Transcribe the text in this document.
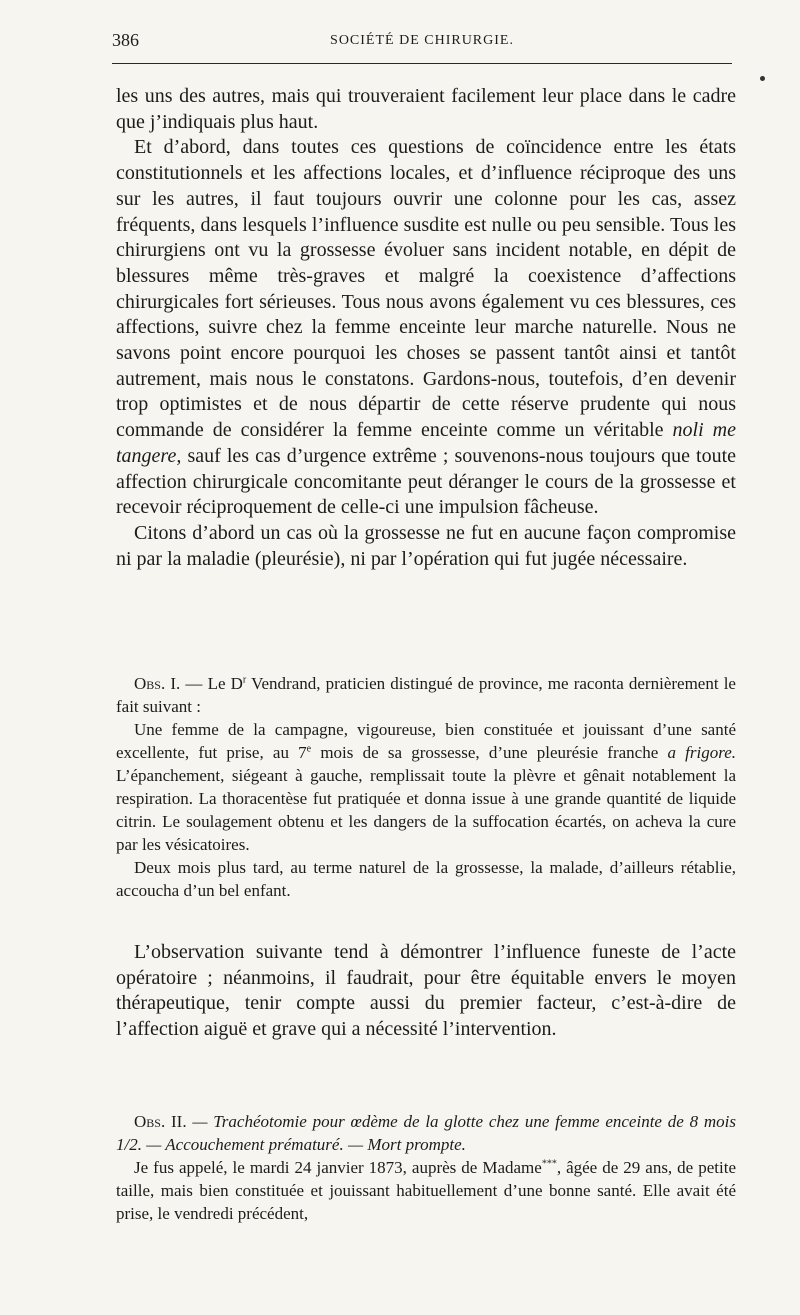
386	SOCIÉTÉ DE CHIRURGIE.

les uns des autres, mais qui trouveraient facilement leur place dans le cadre que j’indiquais plus haut.

Et d’abord, dans toutes ces questions de coïncidence entre les états constitutionnels et les affections locales, et d’influence réciproque des uns sur les autres, il faut toujours ouvrir une colonne pour les cas, assez fréquents, dans lesquels l’influence susdite est nulle ou peu sensible. Tous les chirurgiens ont vu la grossesse évoluer sans incident notable, en dépit de blessures même très-graves et malgré la coexistence d’affections chirurgicales fort sérieuses. Tous nous avons également vu ces blessures, ces affections, suivre chez la femme enceinte leur marche naturelle. Nous ne savons point encore pourquoi les choses se passent tantôt ainsi et tantôt autrement, mais nous le constatons. Gardons-nous, toutefois, d’en devenir trop optimistes et de nous départir de cette réserve prudente qui nous commande de considérer la femme enceinte comme un véritable noli me tangere, sauf les cas d’urgence extrême ; souvenons-nous toujours que toute affection chirurgicale concomitante peut déranger le cours de la grossesse et recevoir réciproquement de celle-ci une impulsion fâcheuse.

Citons d’abord un cas où la grossesse ne fut en aucune façon compromise ni par la maladie (pleurésie), ni par l’opération qui fut jugée nécessaire.

Obs. I. — Le $D^r$ Vendrand, praticien distingué de province, me raconta dernièrement le fait suivant :

Une femme de la campagne, vigoureuse, bien constituée et jouissant d’une santé excellente, fut prise, au 7e mois de sa grossesse, d’une pleurésie franche a frigore. L’épanchement, siégeant à gauche, remplissait toute la plèvre et gênait notablement la respiration. La thoracentèse fut pratiquée et donna issue à une grande quantité de liquide citrin. Le soulagement obtenu et les dangers de la suffocation écartés, on acheva la cure par les vésicatoires.

Deux mois plus tard, au terme naturel de la grossesse, la malade, d’ailleurs rétablie, accoucha d’un bel enfant.

L’observation suivante tend à démontrer l’influence funeste de l’acte opératoire ; néanmoins, il faudrait, pour être équitable envers le moyen thérapeutique, tenir compte aussi du premier facteur, c’est-à-dire de l’affection aiguë et grave qui a nécessité l’intervention.

Obs. II. — Trachéotomie pour œdème de la glotte chez une femme enceinte de 8 mois 1/2. — Accouchement prématuré. — Mort prompte.

Je fus appelé, le mardi 24 janvier 1873, auprès de Madame***, âgée de 29 ans, de petite taille, mais bien constituée et jouissant habituellement d’une bonne santé. Elle avait été prise, le vendredi précédent,
